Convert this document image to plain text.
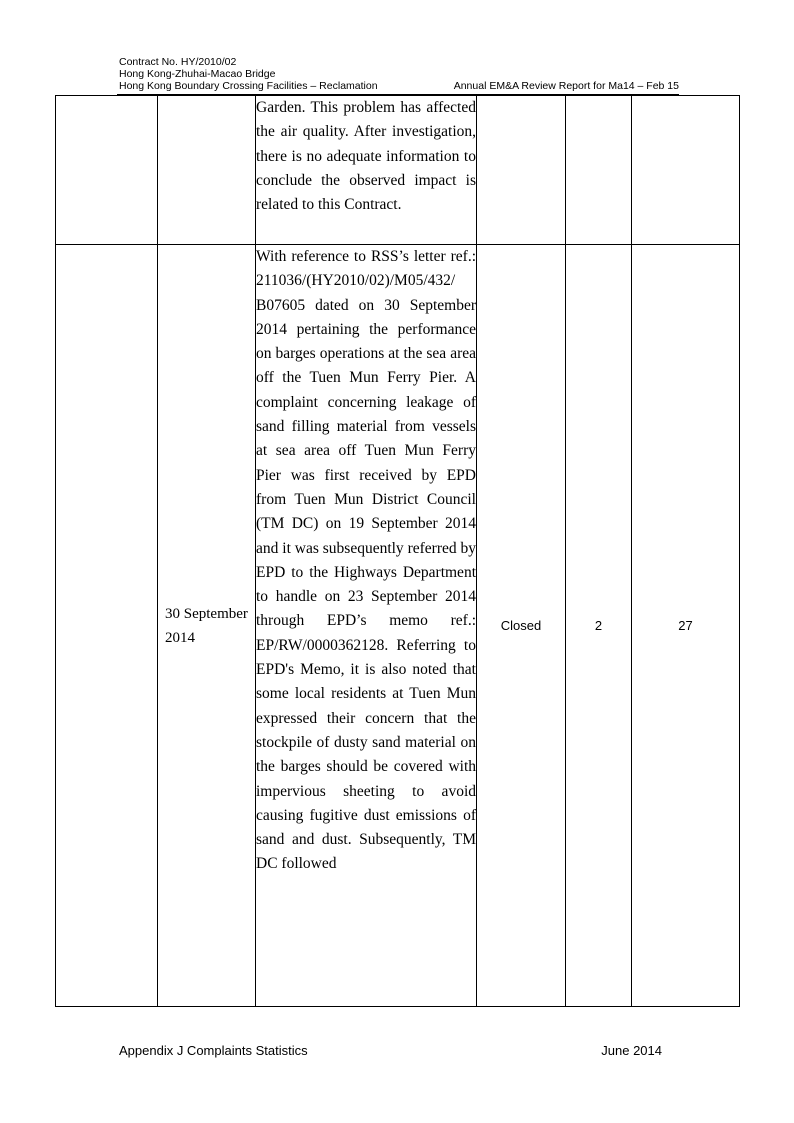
Contract No. HY/2010/02
Hong Kong-Zhuhai-Macao Bridge
Hong Kong Boundary Crossing Facilities – Reclamation	Annual EM&A Review Report for Ma14 – Feb 15
		Garden. This problem has affected the air quality. After investigation, there is no adequate information to conclude the observed impact is related to this Contract.			
	30 September 2014	With reference to RSS’s letter ref.: 211036/(HY2010/02)/M05/432/ B07605 dated on 30 September 2014 pertaining the performance on barges operations at the sea area off the Tuen Mun Ferry Pier. A complaint concerning leakage of sand filling material from vessels at sea area off Tuen Mun Ferry Pier was first received by EPD from Tuen Mun District Council (TM DC) on 19 September 2014 and it was subsequently referred by EPD to the Highways Department to handle on 23 September 2014 through EPD’s memo ref.: EP/RW/0000362128. Referring to EPD's Memo, it is also noted that some local residents at Tuen Mun expressed their concern that the stockpile of dusty sand material on the barges should be covered with impervious sheeting to avoid causing fugitive dust emissions of sand and dust. Subsequently, TM DC followed	Closed	2	27
Appendix J Complaints Statistics	June 2014
